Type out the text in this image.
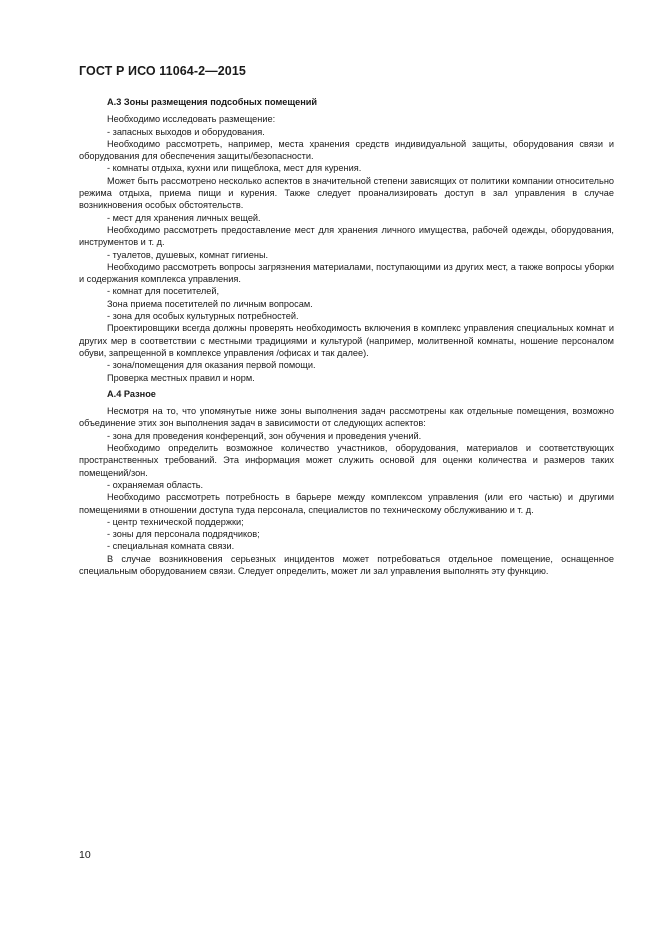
ГОСТ Р ИСО 11064-2—2015

А.3 Зоны размещения подсобных помещений

Необходимо исследовать размещение:

- запасных выходов и оборудования.

Необходимо рассмотреть, например, места хранения средств индивидуальной защиты, оборудования связи и оборудования для обеспечения защиты/безопасности.

- комнаты отдыха, кухни или пищеблока, мест для курения.

Может быть рассмотрено несколько аспектов в значительной степени зависящих от политики компании относительно режима отдыха, приема пищи и курения. Также следует проанализировать доступ в зал управления в случае возникновения особых обстоятельств.

- мест для хранения личных вещей.

Необходимо рассмотреть предоставление мест для хранения личного имущества, рабочей одежды, оборудования, инструментов и т. д.

- туалетов, душевых, комнат гигиены.

Необходимо рассмотреть вопросы загрязнения материалами, поступающими из других мест, а также вопросы уборки и содержания комплекса управления.

- комнат для посетителей,

Зона приема посетителей по личным вопросам.

- зона для особых культурных потребностей.

Проектировщики всегда должны проверять необходимость включения в комплекс управления специальных комнат и других мер в соответствии с местными традициями и культурой (например, молитвенной комнаты, ношение персоналом обуви, запрещенной в комплексе управления /офисах и так далее).

- зона/помещения для оказания первой помощи.

Проверка местных правил и норм.

А.4 Разное

Несмотря на то, что упомянутые ниже зоны выполнения задач рассмотрены как отдельные помещения, возможно объединение этих зон выполнения задач в зависимости от следующих аспектов:

- зона для проведения конференций, зон обучения и проведения учений.

Необходимо определить возможное количество участников, оборудования, материалов и соответствующих пространственных требований. Эта информация может служить основой для оценки количества и размеров таких помещений/зон.

- охраняемая область.

Необходимо рассмотреть потребность в барьере между комплексом управления (или его частью) и другими помещениями в отношении доступа туда персонала, специалистов по техническому обслуживанию и т. д.

- центр технической поддержки;

- зоны для персонала подрядчиков;

- специальная комната связи.

В случае возникновения серьезных инцидентов может потребоваться отдельное помещение, оснащенное специальным оборудованием связи. Следует определить, может ли зал управления выполнять эту функцию.

10
